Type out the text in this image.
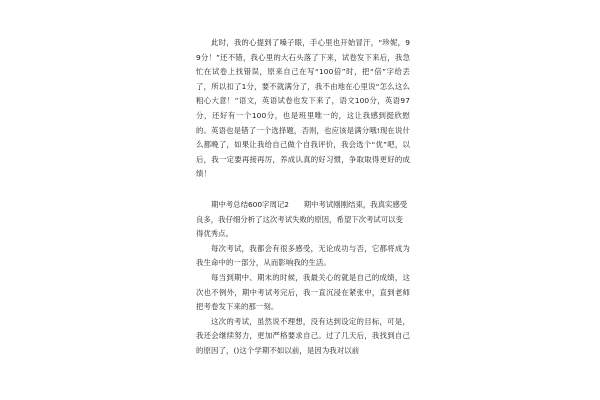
此时，我的心提到了嗓子眼，手心里也开始冒汗，“珍妮，99分！”还不错，我心里的大石头落了下来，试卷发下来后，我急忙在试卷上找错误，原来自己在写“100倍”时，把“倍”字给丢了，所以扣了1分，要不就满分了，我不由地在心里说“怎么这么粗心大意！”语文，英语试卷也发下来了，语文100分，英语97分，还好有一个100分，也是班里唯一的，这让我感到挺欣慰的。英语也是错了一个选择题，否则，也应该是满分哦!现在说什么都晚了，如果让我给自己做个自我评价，我会选个“优”吧，以后，我一定要再接再厉，养成认真的好习惯，争取取得更好的成绩！

期中考总结600字周记2　　期中考试刚刚结束，我真实感受良多，我仔细分析了这次考试失败的原因，希望下次考试可以变得优秀点。

每次考试，我都会有很多感受，无论成功与否，它都将成为我生命中的一部分，从而影响我的生活。

每当到期中、期末的时候，我最关心的就是自己的成绩，这次也不例外，期中考试考完后，我一直沉浸在紧张中，直到老师把考卷发下来的那一刻。

这次的考试，虽然说不理想，没有达到设定的目标，可是，我还会继续努力，更加严格要求自己。过了几天后，我找到自己的原因了，()这个学期不如以前，是因为我对以前
